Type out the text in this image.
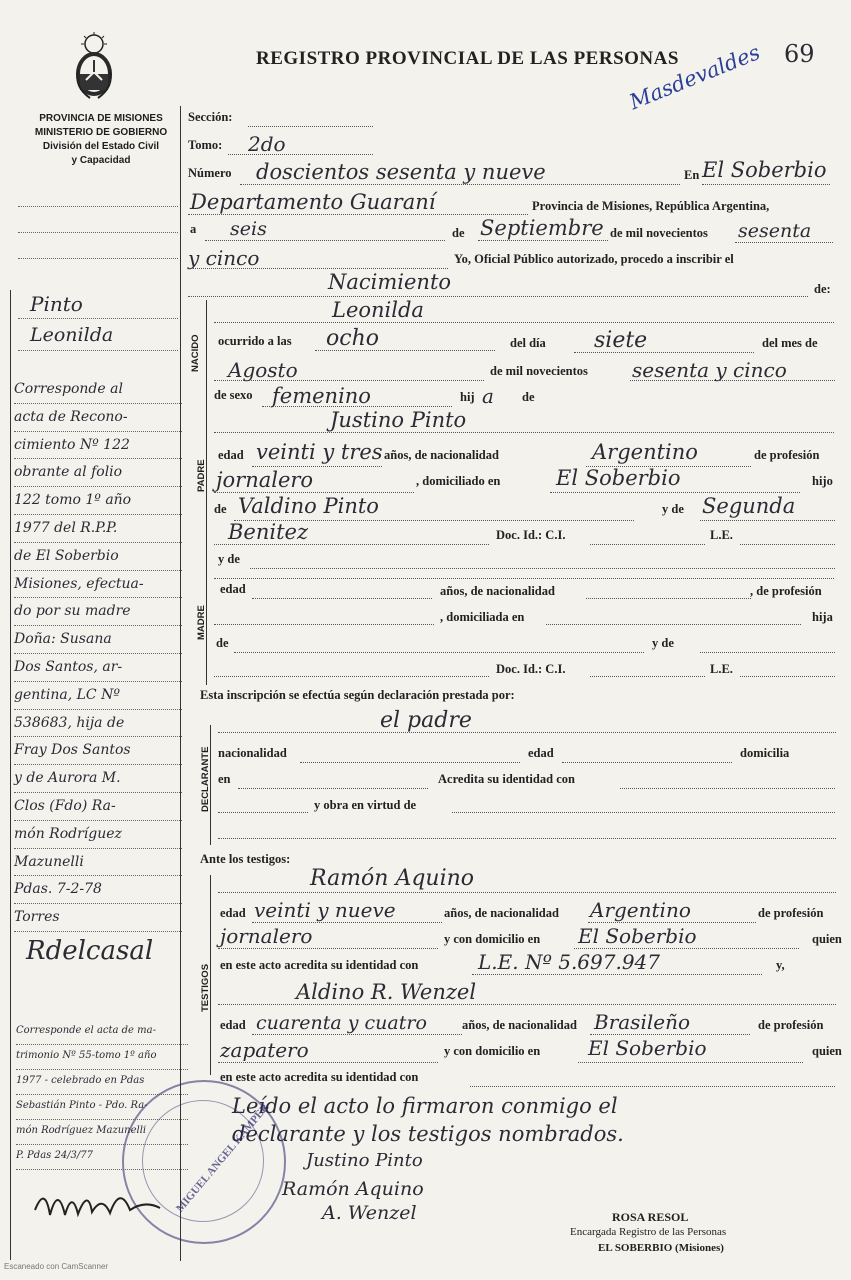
REGISTRO PROVINCIAL DE LAS PERSONAS	69
Masdevaldes
PROVINCIA DE MISIONES
MINISTERIO DE GOBIERNO
División del Estado Civil
y Capacidad
Sección:
Tomo: 2do
Número doscientos sesenta y nueve	En El Soberbio
Departamento Guaraní	Provincia de Misiones, República Argentina,
a seis	de Septiembre de mil novecientos sesenta
y cinco	Yo, Oficial Público autorizado, procedo a inscribir el
Nacimiento	de:
NACIDO
Leonilda
ocurrido a las ocho	del día siete	del mes de
Agosto	de mil novecientos sesenta y cinco
de sexo femenino	hij a de
PADRE
Justino Pinto
edad veinti y tres años, de nacionalidad	Argentino	de profesión
jornalero	, domiciliado en	El Soberbio	hijo
de Valdino Pinto	y de Segunda
Benitez	Doc. Id.: C.I.	L.E.
MADRE
y de
edad	años, de nacionalidad	, de profesión
, domiciliada en	hija
de	y de
Doc. Id.: C.I.	L.E.
Esta inscripción se efectúa según declaración prestada por:
DECLARANTE
el padre
nacionalidad	edad	domicilia
en	Acredita su identidad con
y obra en virtud de
Ante los testigos:
TESTIGOS
Ramón Aquino
edad veinti y nueve	años, de nacionalidad Argentino	de profesión
jornalero	y con domicilio en El Soberbio	quien
en este acto acredita su identidad con	L.E. Nº 5.697.947	y,
Aldino R. Wenzel
edad cuarenta y cuatro	años, de nacionalidad Brasileño	de profesión
zapatero	y con domicilio en El Soberbio	quien
en este acto acredita su identidad con
Leído el acto lo firmaron conmigo el
declarante y los testigos nombrados.
Justino Pinto
Ramón Aquino
A. Wenzel	ROSA RESOL
Encargada Registro de las Personas
EL SOBERBIO (Misiones)
MIGUEL ANGEL KAMPER
Pinto
Leonilda
Corresponde al
acta de Recono-
cimiento Nº 122
obrante al folio
122 tomo 1º año
1977 del R.P.P.
de El Soberbio
Misiones, efectua-
do por su madre
Doña: Susana
Dos Santos, ar-
gentina, LC Nº
538683, hija de
Fray Dos Santos
y de Aurora M.
Clos (Fdo) Ra-
món Rodríguez
Mazunelli
Pdas. 7-2-78
Torres
Rdelcasal
Corresponde el acta de ma-
trimonio Nº 55-tomo 1º año
1977 - celebrado en Pdas
Sebastián Pinto - Pdo. Ra-
món Rodríguez Mazunelli
P. Pdas 24/3/77
Escaneado con CamScanner
